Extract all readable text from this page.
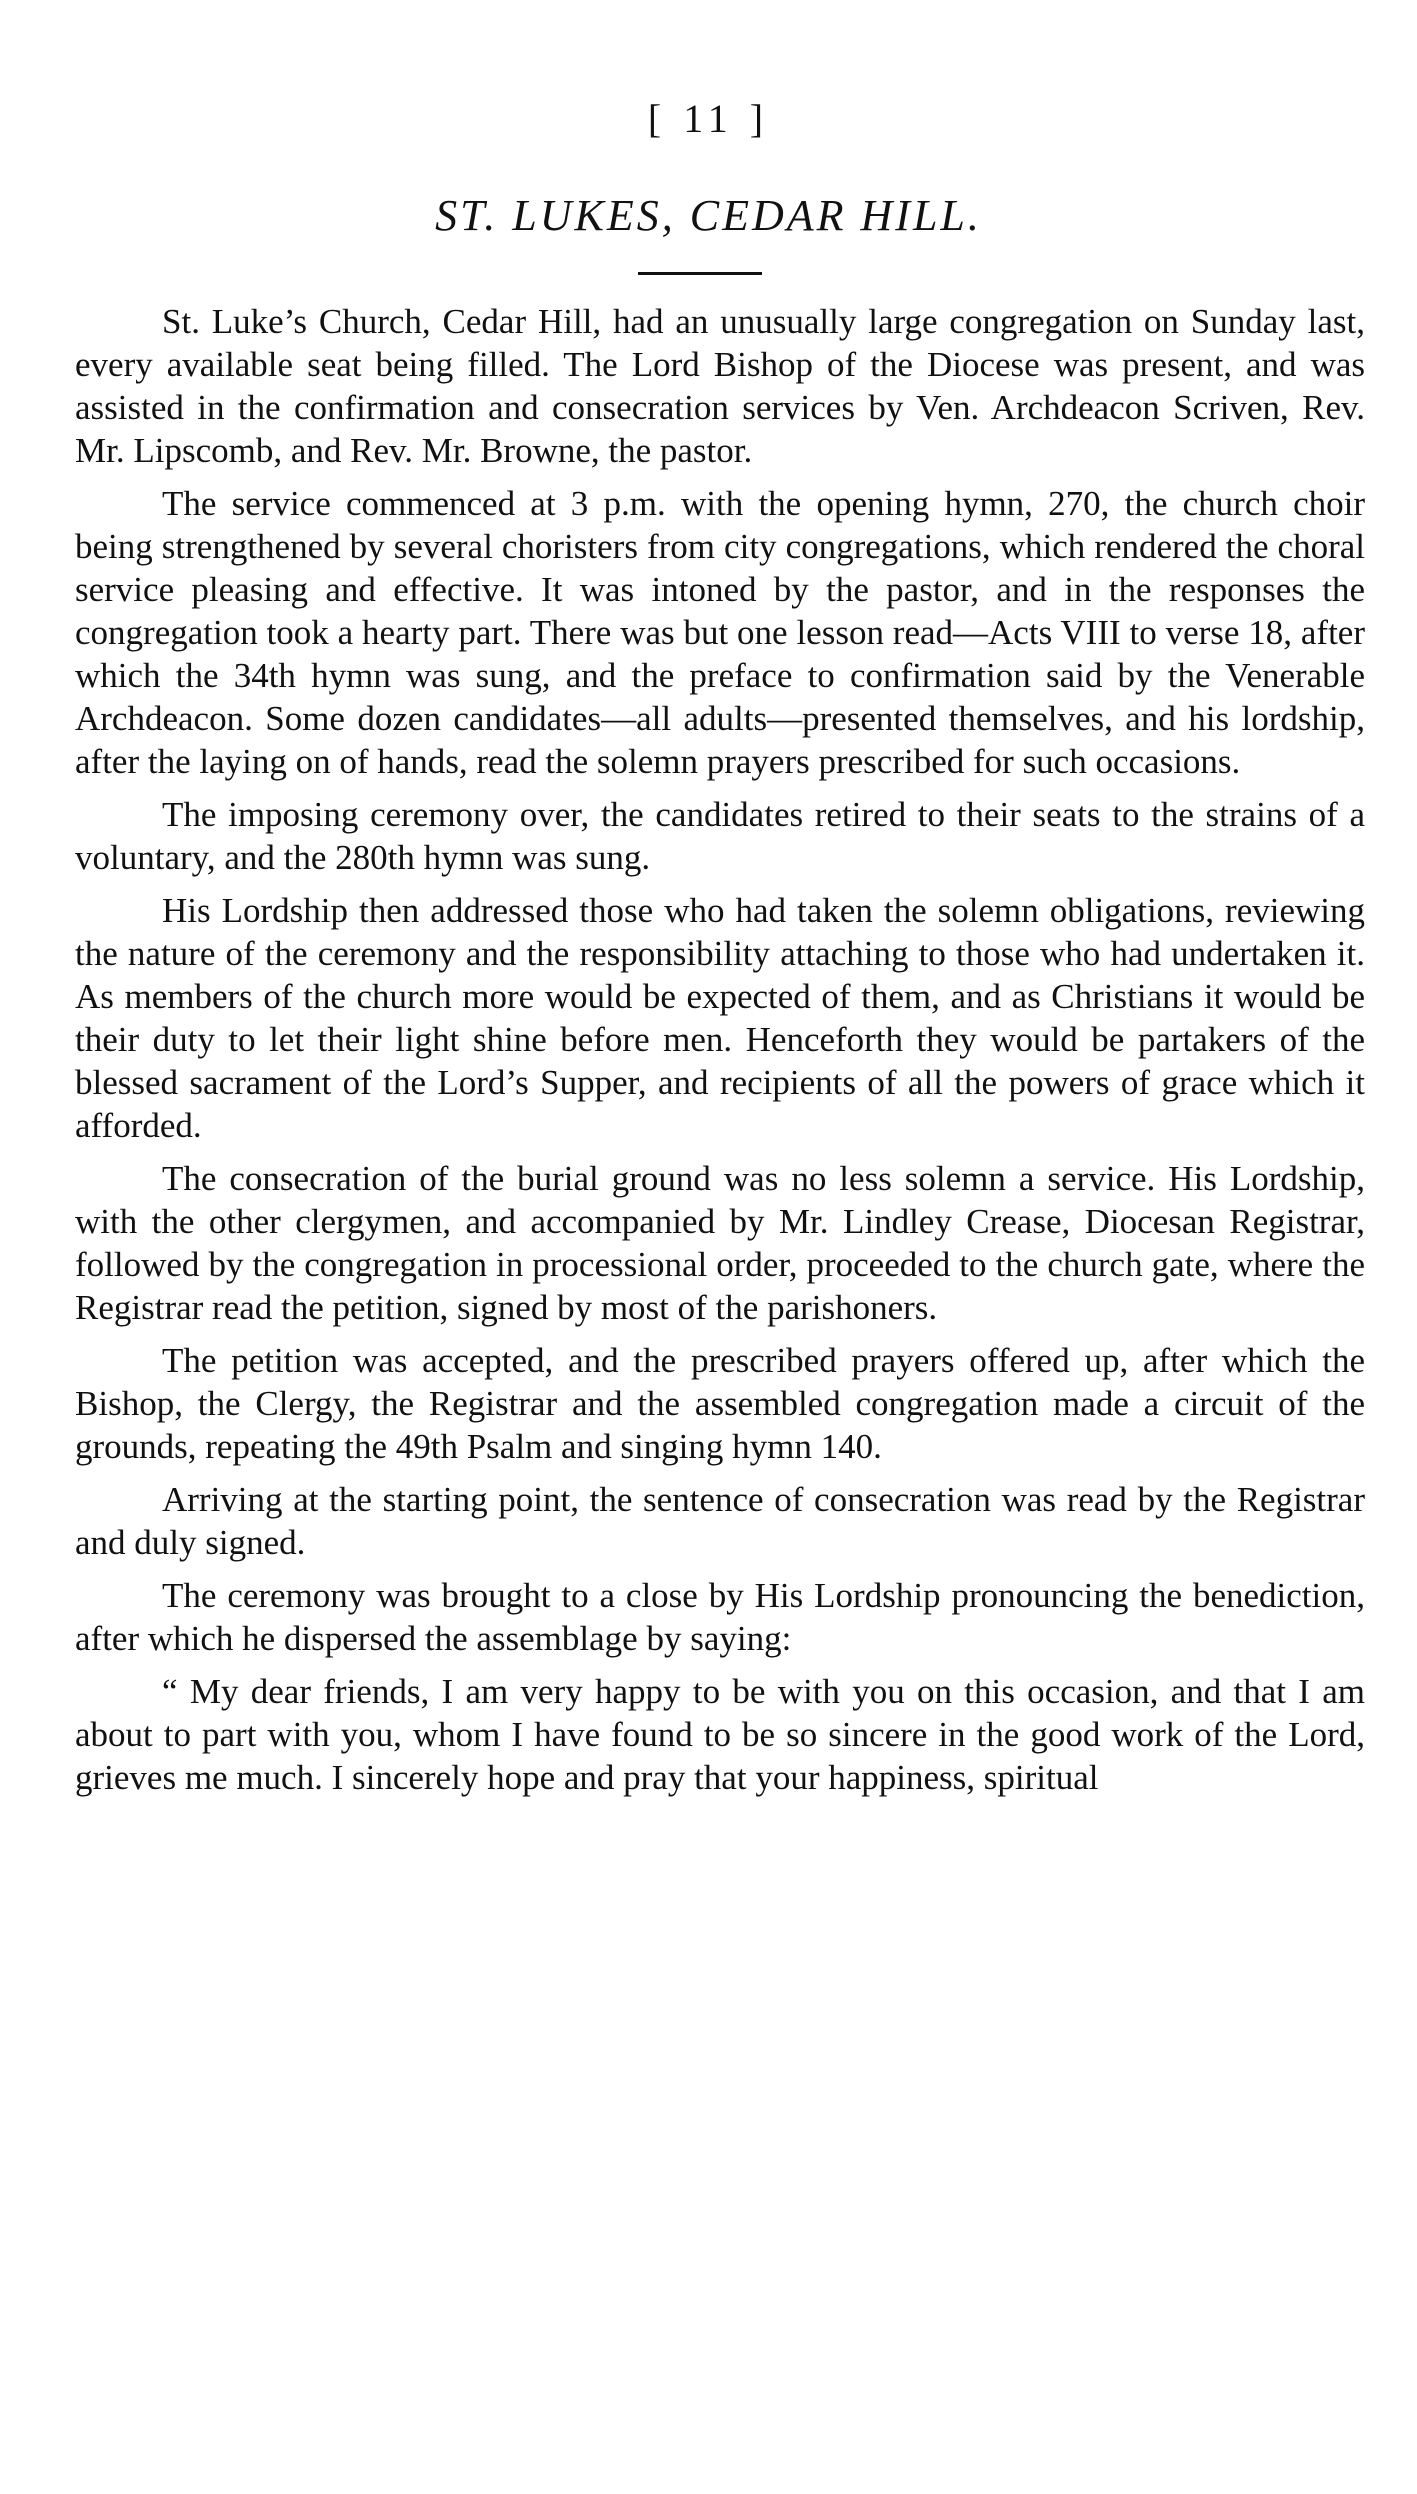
[ 11 ]
ST. LUKES, CEDAR HILL.

St. Luke’s Church, Cedar Hill, had an unusually large congregation on Sunday last, every available seat being filled. The Lord Bishop of the Diocese was present, and was assisted in the confirmation and consecration services by Ven. Archdeacon Scriven, Rev. Mr. Lipscomb, and Rev. Mr. Browne, the pastor.

The service commenced at 3 p.m. with the opening hymn, 270, the church choir being strengthened by several choristers from city congregations, which rendered the choral service pleasing and effective. It was intoned by the pastor, and in the responses the congregation took a hearty part. There was but one lesson read—Acts VIII to verse 18, after which the 34th hymn was sung, and the preface to confirmation said by the Venerable Archdeacon. Some dozen candidates—all adults—presented themselves, and his lordship, after the laying on of hands, read the solemn prayers prescribed for such occasions.

The imposing ceremony over, the candidates retired to their seats to the strains of a voluntary, and the 280th hymn was sung.

His Lordship then addressed those who had taken the solemn obligations, reviewing the nature of the ceremony and the responsibility attaching to those who had undertaken it. As members of the church more would be expected of them, and as Christians it would be their duty to let their light shine before men. Henceforth they would be partakers of the blessed sacrament of the Lord’s Supper, and recipients of all the powers of grace which it afforded.

The consecration of the burial ground was no less solemn a service. His Lordship, with the other clergymen, and accompanied by Mr. Lindley Crease, Diocesan Registrar, followed by the congregation in processional order, proceeded to the church gate, where the Registrar read the petition, signed by most of the parishoners.

The petition was accepted, and the prescribed prayers offered up, after which the Bishop, the Clergy, the Registrar and the assembled congregation made a circuit of the grounds, repeating the 49th Psalm and singing hymn 140.

Arriving at the starting point, the sentence of consecration was read by the Registrar and duly signed.

The ceremony was brought to a close by His Lordship pronouncing the benediction, after which he dispersed the assemblage by saying:

“ My dear friends, I am very happy to be with you on this occasion, and that I am about to part with you, whom I have found to be so sincere in the good work of the Lord, grieves me much. I sincerely hope and pray that your happiness, spiritual
